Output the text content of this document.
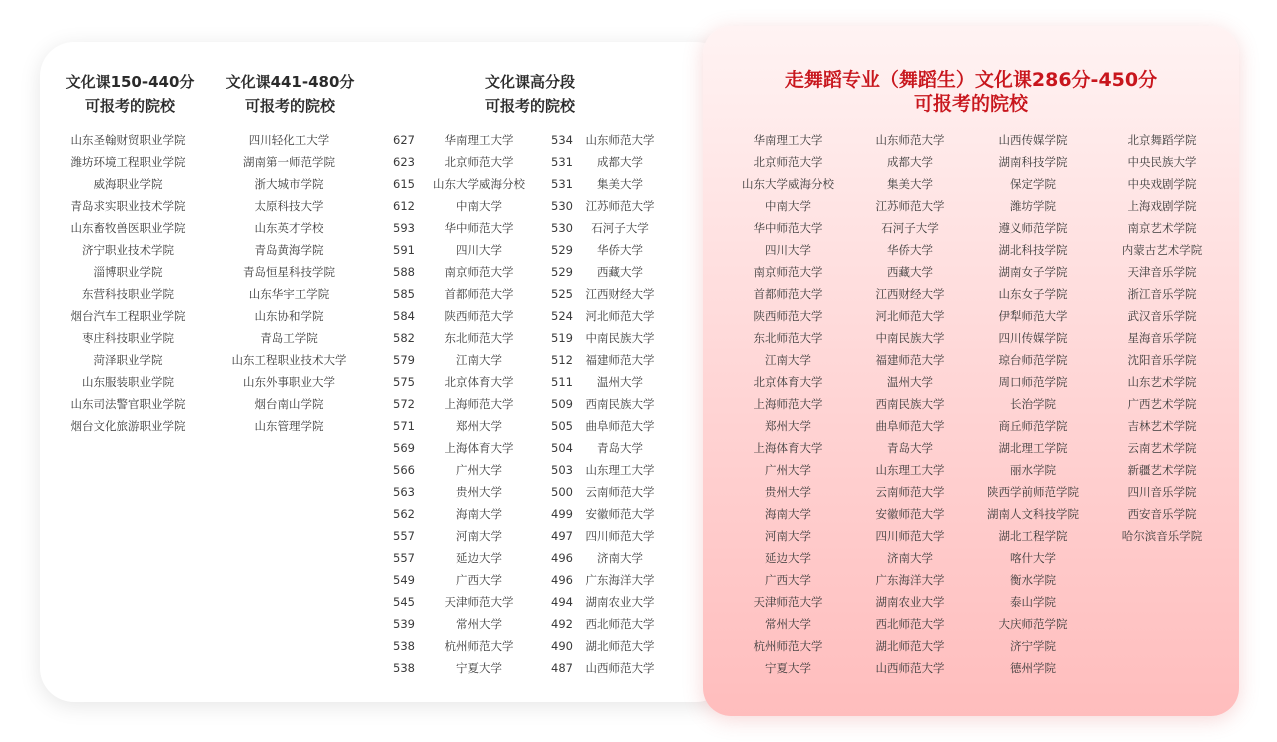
文化课150-440分
可报考的院校
山东圣翰财贸职业学院
潍坊环境工程职业学院
威海职业学院
青岛求实职业技术学院
山东畜牧兽医职业学院
济宁职业技术学院
淄博职业学院
东营科技职业学院
烟台汽车工程职业学院
枣庄科技职业学院
菏泽职业学院
山东服装职业学院
山东司法警官职业学院
烟台文化旅游职业学院
文化课441-480分
可报考的院校
四川轻化工大学
湖南第一师范学院
浙大城市学院
太原科技大学
山东英才学校
青岛黄海学院
青岛恒星科技学院
山东华宇工学院
山东协和学院
青岛工学院
山东工程职业技术大学
山东外事职业大学
烟台南山学院
山东管理学院
文化课高分段
可报考的院校
627
623
615
612
593
591
588
585
584
582
579
575
572
571
569
566
563
562
557
557
549
545
539
538
538
华南理工大学
北京师范大学
山东大学威海分校
中南大学
华中师范大学
四川大学
南京师范大学
首都师范大学
陕西师范大学
东北师范大学
江南大学
北京体育大学
上海师范大学
郑州大学
上海体育大学
广州大学
贵州大学
海南大学
河南大学
延边大学
广西大学
天津师范大学
常州大学
杭州师范大学
宁夏大学
534
531
531
530
530
529
529
525
524
519
512
511
509
505
504
503
500
499
497
496
496
494
492
490
487
山东师范大学
成都大学
集美大学
江苏师范大学
石河子大学
华侨大学
西藏大学
江西财经大学
河北师范大学
中南民族大学
福建师范大学
温州大学
西南民族大学
曲阜师范大学
青岛大学
山东理工大学
云南师范大学
安徽师范大学
四川师范大学
济南大学
广东海洋大学
湖南农业大学
西北师范大学
湖北师范大学
山西师范大学
走舞蹈专业（舞蹈生）文化课286分-450分
可报考的院校
华南理工大学
北京师范大学
山东大学威海分校
中南大学
华中师范大学
四川大学
南京师范大学
首都师范大学
陕西师范大学
东北师范大学
江南大学
北京体育大学
上海师范大学
郑州大学
上海体育大学
广州大学
贵州大学
海南大学
河南大学
延边大学
广西大学
天津师范大学
常州大学
杭州师范大学
宁夏大学
山东师范大学
成都大学
集美大学
江苏师范大学
石河子大学
华侨大学
西藏大学
江西财经大学
河北师范大学
中南民族大学
福建师范大学
温州大学
西南民族大学
曲阜师范大学
青岛大学
山东理工大学
云南师范大学
安徽师范大学
四川师范大学
济南大学
广东海洋大学
湖南农业大学
西北师范大学
湖北师范大学
山西师范大学
山西传媒学院
湖南科技学院
保定学院
潍坊学院
遵义师范学院
湖北科技学院
湖南女子学院
山东女子学院
伊犁师范大学
四川传媒学院
琼台师范学院
周口师范学院
长治学院
商丘师范学院
湖北理工学院
丽水学院
陕西学前师范学院
湖南人文科技学院
湖北工程学院
喀什大学
衡水学院
泰山学院
大庆师范学院
济宁学院
德州学院
北京舞蹈学院
中央民族大学
中央戏剧学院
上海戏剧学院
南京艺术学院
内蒙古艺术学院
天津音乐学院
浙江音乐学院
武汉音乐学院
星海音乐学院
沈阳音乐学院
山东艺术学院
广西艺术学院
吉林艺术学院
云南艺术学院
新疆艺术学院
四川音乐学院
西安音乐学院
哈尔滨音乐学院
